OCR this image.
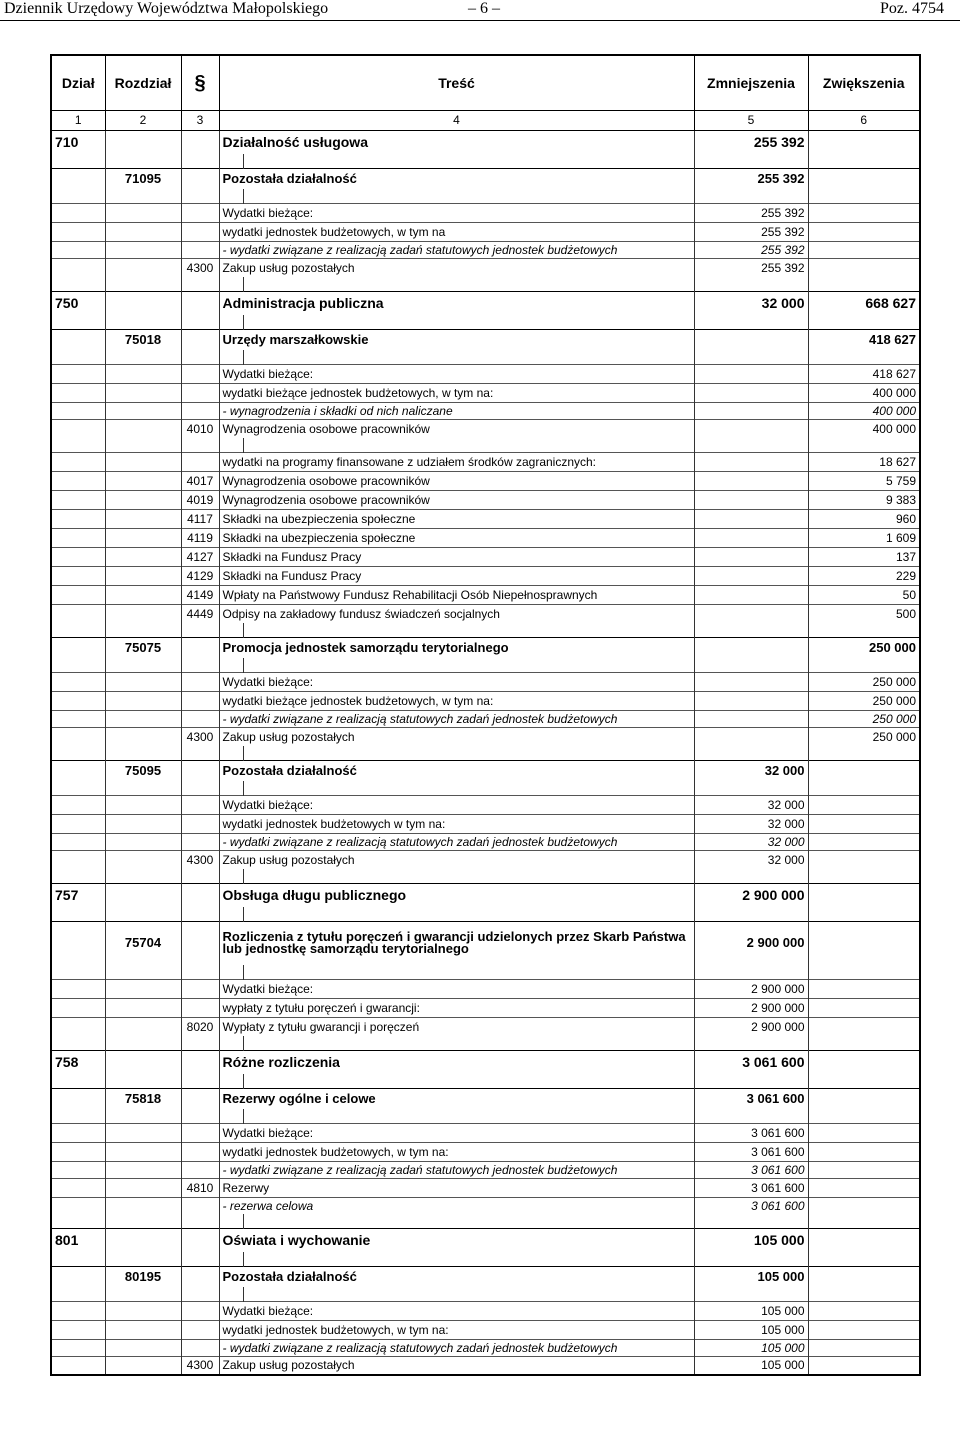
Dziennik Urzędowy Województwa Małopolskiego	– 6 –	Poz. 4754
Dział	Rozdział	§	Treść		Zmniejszenia	Zwiększenia
1	2	3	4		5	6
710			Działalność usługowa		255 392	

	71095		Pozostała działalność		255 392	

			Wydatki bieżące:		255 392	
			wydatki jednostek budżetowych, w tym na		255 392	
			- wydatki związane z realizacją zadań statutowych jednostek budżetowych		255 392	
		4300	Zakup usług pozostałych		255 392	

750			Administracja publiczna		32 000	668 627

	75018		Urzędy marszałkowskie			418 627

			Wydatki bieżące:			418 627
			wydatki bieżące jednostek budżetowych, w tym na:			400 000
			- wynagrodzenia i składki od nich naliczane			400 000
		4010	Wynagrodzenia osobowe pracowników			400 000

			wydatki na programy finansowane z udziałem środków zagranicznych:			18 627
		4017	Wynagrodzenia osobowe pracowników			5 759
		4019	Wynagrodzenia osobowe pracowników			9 383
		4117	Składki na ubezpieczenia społeczne			960
		4119	Składki na ubezpieczenia społeczne			1 609
		4127	Składki na Fundusz Pracy			137
		4129	Składki na Fundusz Pracy			229
		4149	Wpłaty na Państwowy Fundusz Rehabilitacji Osób Niepełnosprawnych			50
		4449	Odpisy na zakładowy fundusz świadczeń socjalnych			500

	75075		Promocja jednostek samorządu terytorialnego			250 000

			Wydatki bieżące:			250 000
			wydatki bieżące jednostek budżetowych, w tym na:			250 000
			- wydatki związane z realizacją statutowych zadań jednostek budżetowych			250 000
		4300	Zakup usług pozostałych			250 000

	75095		Pozostała działalność		32 000	

			Wydatki bieżące:		32 000	
			wydatki jednostek budżetowych w tym na:		32 000	
			- wydatki związane z realizacją statutowych zadań jednostek budżetowych		32 000	
		4300	Zakup usług pozostałych		32 000	

757			Obsługa długu publicznego		2 900 000	

	75704		Rozliczenia z tytułu poręczeń i gwarancji udzielonych przez Skarb Państwa lub jednostkę samorządu terytorialnego		2 900 000	

			Wydatki bieżące:		2 900 000	
			wypłaty z tytułu poręczeń i gwarancji:		2 900 000	
		8020	Wypłaty z tytułu gwarancji i poręczeń		2 900 000	

758			Różne rozliczenia		3 061 600	

	75818		Rezerwy ogólne i celowe		3 061 600	

			Wydatki bieżące:		3 061 600	
			wydatki jednostek budżetowych, w tym na:		3 061 600	
			- wydatki związane z realizacją zadań statutowych jednostek budżetowych		3 061 600	
		4810	Rezerwy		3 061 600	
			- rezerwa celowa		3 061 600	

801			Oświata i wychowanie		105 000	

	80195		Pozostała działalność		105 000	

			Wydatki bieżące:		105 000	
			wydatki jednostek budżetowych, w tym na:		105 000	
			- wydatki związane z realizacją statutowych zadań jednostek budżetowych		105 000	
		4300	Zakup usług pozostałych		105 000	
